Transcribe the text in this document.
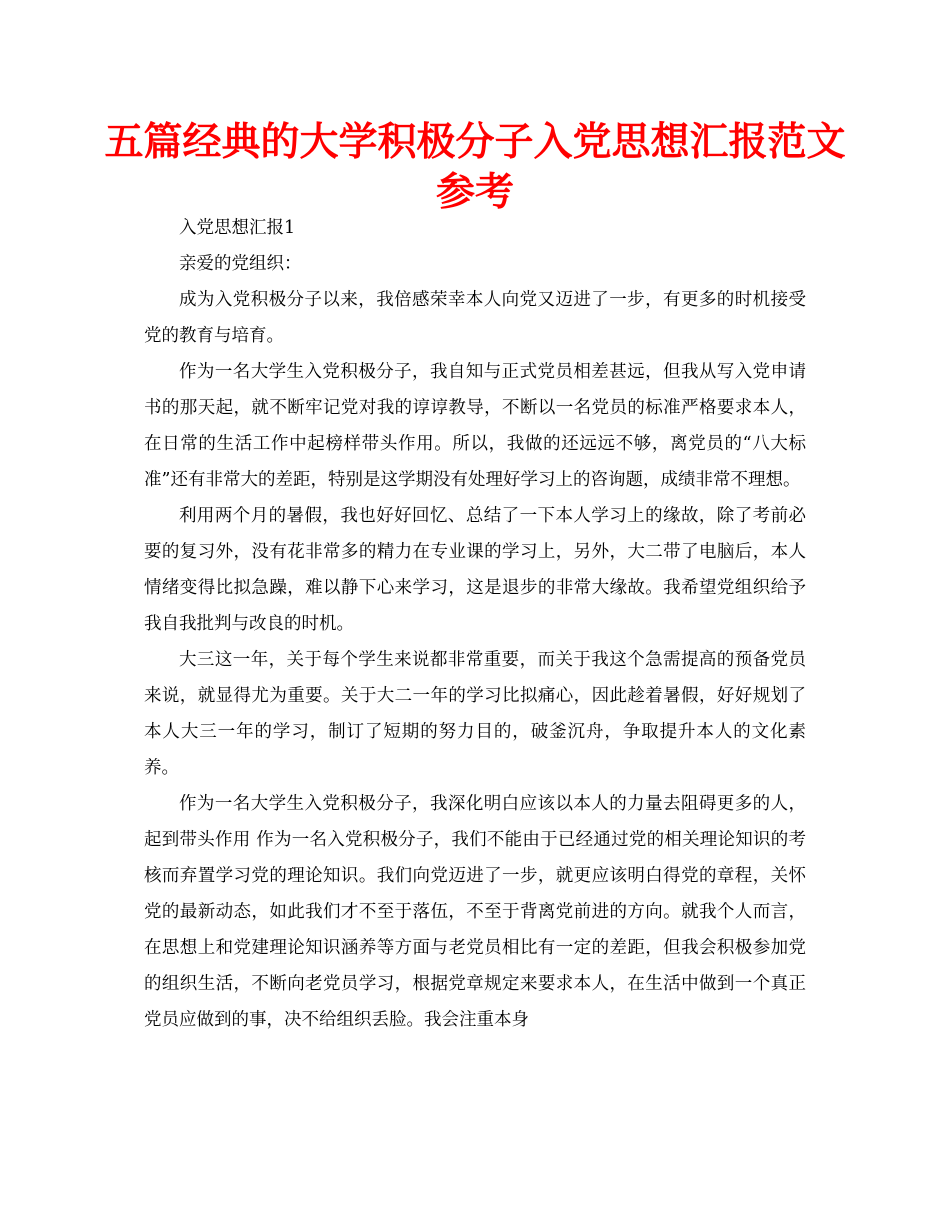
五篇经典的大学积极分子入党思想汇报范文参考

入党思想汇报1

亲爱的党组织：

成为入党积极分子以来，我倍感荣幸本人向党又迈进了一步，有更多的时机接受党的教育与培育。

作为一名大学生入党积极分子，我自知与正式党员相差甚远，但我从写入党申请书的那天起，就不断牢记党对我的谆谆教导，不断以一名党员的标准严格要求本人，在日常的生活工作中起榜样带头作用。所以，我做的还远远不够，离党员的“八大标准”还有非常大的差距，特别是这学期没有处理好学习上的咨询题，成绩非常不理想。

利用两个月的暑假，我也好好回忆、总结了一下本人学习上的缘故，除了考前必要的复习外，没有花非常多的精力在专业课的学习上，另外，大二带了电脑后，本人情绪变得比拟急躁，难以静下心来学习，这是退步的非常大缘故。我希望党组织给予我自我批判与改良的时机。

大三这一年，关于每个学生来说都非常重要，而关于我这个急需提高的预备党员来说，就显得尤为重要。关于大二一年的学习比拟痛心，因此趁着暑假，好好规划了本人大三一年的学习，制订了短期的努力目的，破釜沉舟，争取提升本人的文化素养。

作为一名大学生入党积极分子，我深化明白应该以本人的力量去阻碍更多的人，起到带头作用 作为一名入党积极分子，我们不能由于已经通过党的相关理论知识的考核而弃置学习党的理论知识。我们向党迈进了一步，就更应该明白得党的章程，关怀党的最新动态，如此我们才不至于落伍，不至于背离党前进的方向。就我个人而言，在思想上和党建理论知识涵养等方面与老党员相比有一定的差距，但我会积极参加党的组织生活，不断向老党员学习，根据党章规定来要求本人，在生活中做到一个真正党员应做到的事，决不给组织丢脸。我会注重本身
